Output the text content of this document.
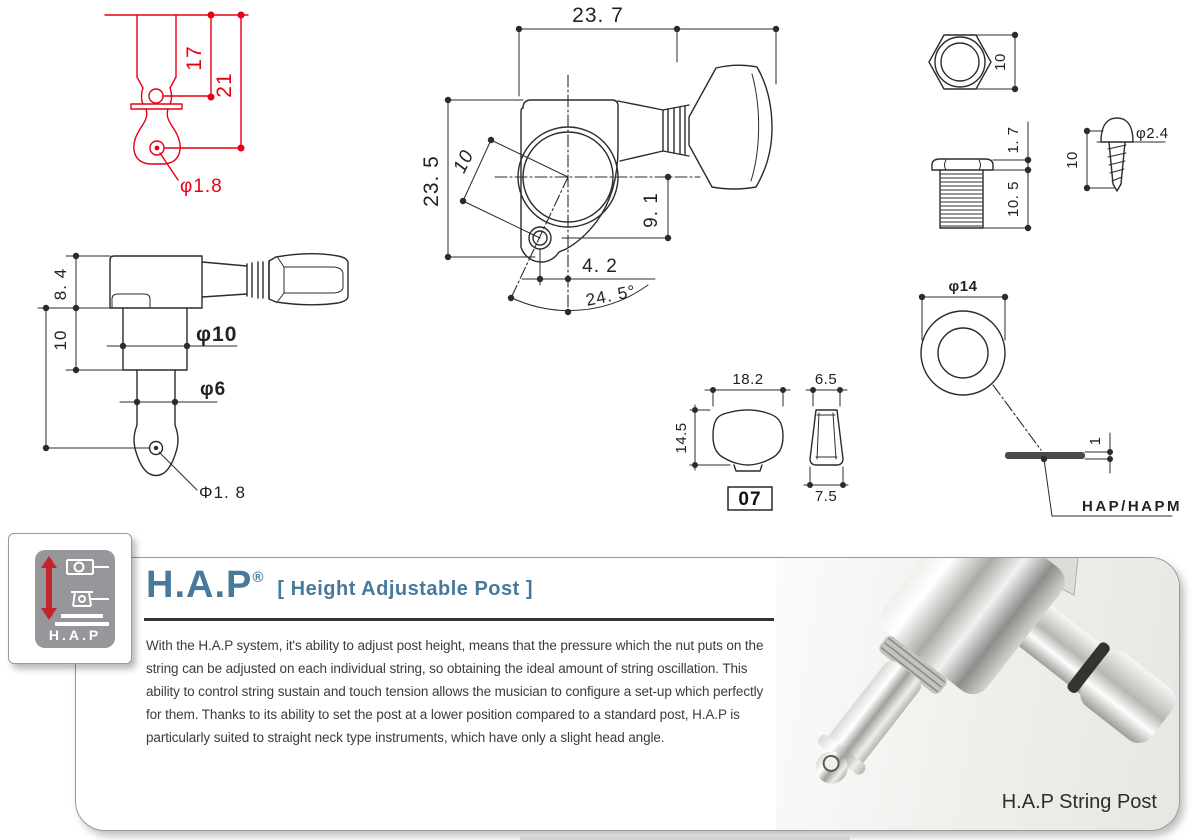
17
21
φ1.8
8. 4
10	φ10
φ6
Φ1. 8
23. 7
23. 5 10
9. 1
4. 2
24. 5°
10
1. 7
10. 5
φ2.4
10
φ14
1
HAP/HAPM
07
18.2
14.5
6.5
7.5
H.A.P String Post
H.A.P ®
[ Height Adjustable Post ]
With the H.A.P system, it's ability to adjust post height, means that the pressure which the nut puts on the
string can be adjusted on each individual string, so obtaining the ideal amount of string oscillation. This
ability to control string sustain and touch tension allows the musician to configure a set-up which perfectly
for them. Thanks to its ability to set the post at a lower position compared to a standard post, H.A.P is
particularly suited to straight neck type instruments, which have only a slight head angle.
H.A.P
